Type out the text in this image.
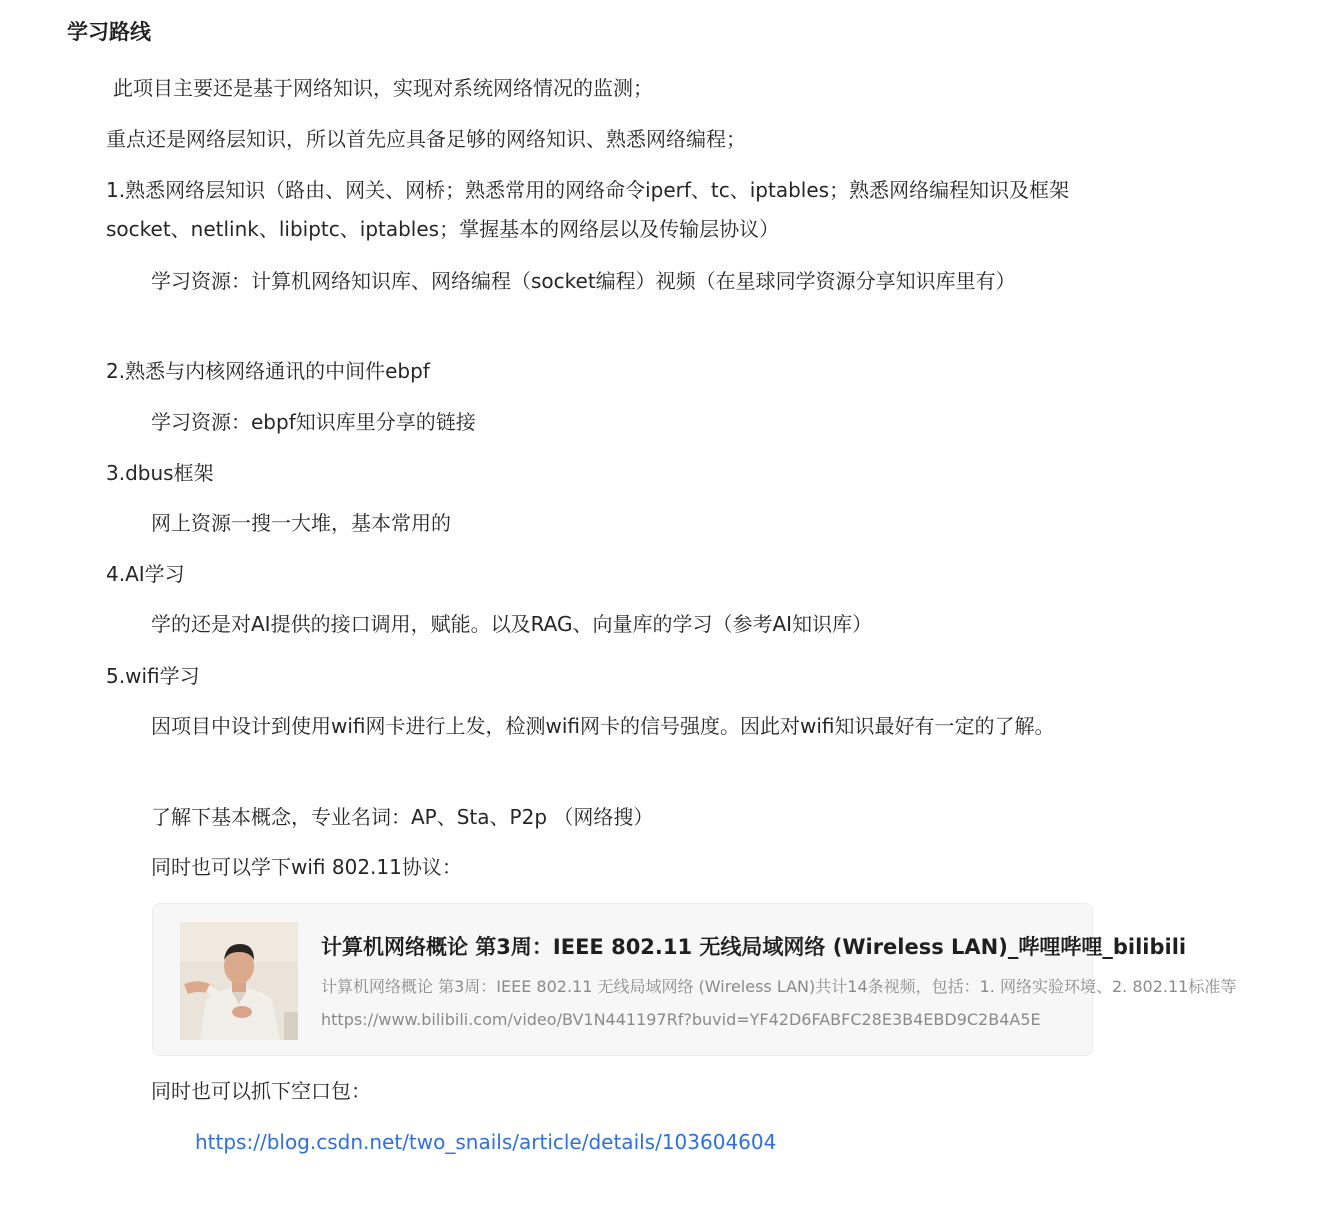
学习路线
此项目主要还是基于网络知识，实现对系统网络情况的监测；
重点还是网络层知识，所以首先应具备足够的网络知识、熟悉网络编程；
1.熟悉网络层知识（路由、网关、网桥；熟悉常用的网络命令iperf、tc、iptables；熟悉网络编程知识及框架socket、netlink、libiptc、iptables；掌握基本的网络层以及传输层协议）
学习资源：计算机网络知识库、网络编程（socket编程）视频（在星球同学资源分享知识库里有）
2.熟悉与内核网络通讯的中间件ebpf
学习资源：ebpf知识库里分享的链接
3.dbus框架
网上资源一搜一大堆，基本常用的
4.AI学习
学的还是对AI提供的接口调用，赋能。以及RAG、向量库的学习（参考AI知识库）
5.wifi学习
因项目中设计到使用wifi网卡进行上发，检测wifi网卡的信号强度。因此对wifi知识最好有一定的了解。
了解下基本概念，专业名词：AP、Sta、P2p （网络搜）
同时也可以学下wifi 802.11协议：
计算机网络概论 第3周：IEEE 802.11 无线局域网络 (Wireless LAN)_哔哩哔哩_bilibili
计算机网络概论 第3周：IEEE 802.11 无线局域网络 (Wireless LAN)共计14条视频，包括：1. 网络实验环境、2. 802.11标准等
https://www.bilibili.com/video/BV1N441197Rf?buvid=YF42D6FABFC28E3B4EBD9C2B4A5E
同时也可以抓下空口包：
https://blog.csdn.net/two_snails/article/details/103604604
